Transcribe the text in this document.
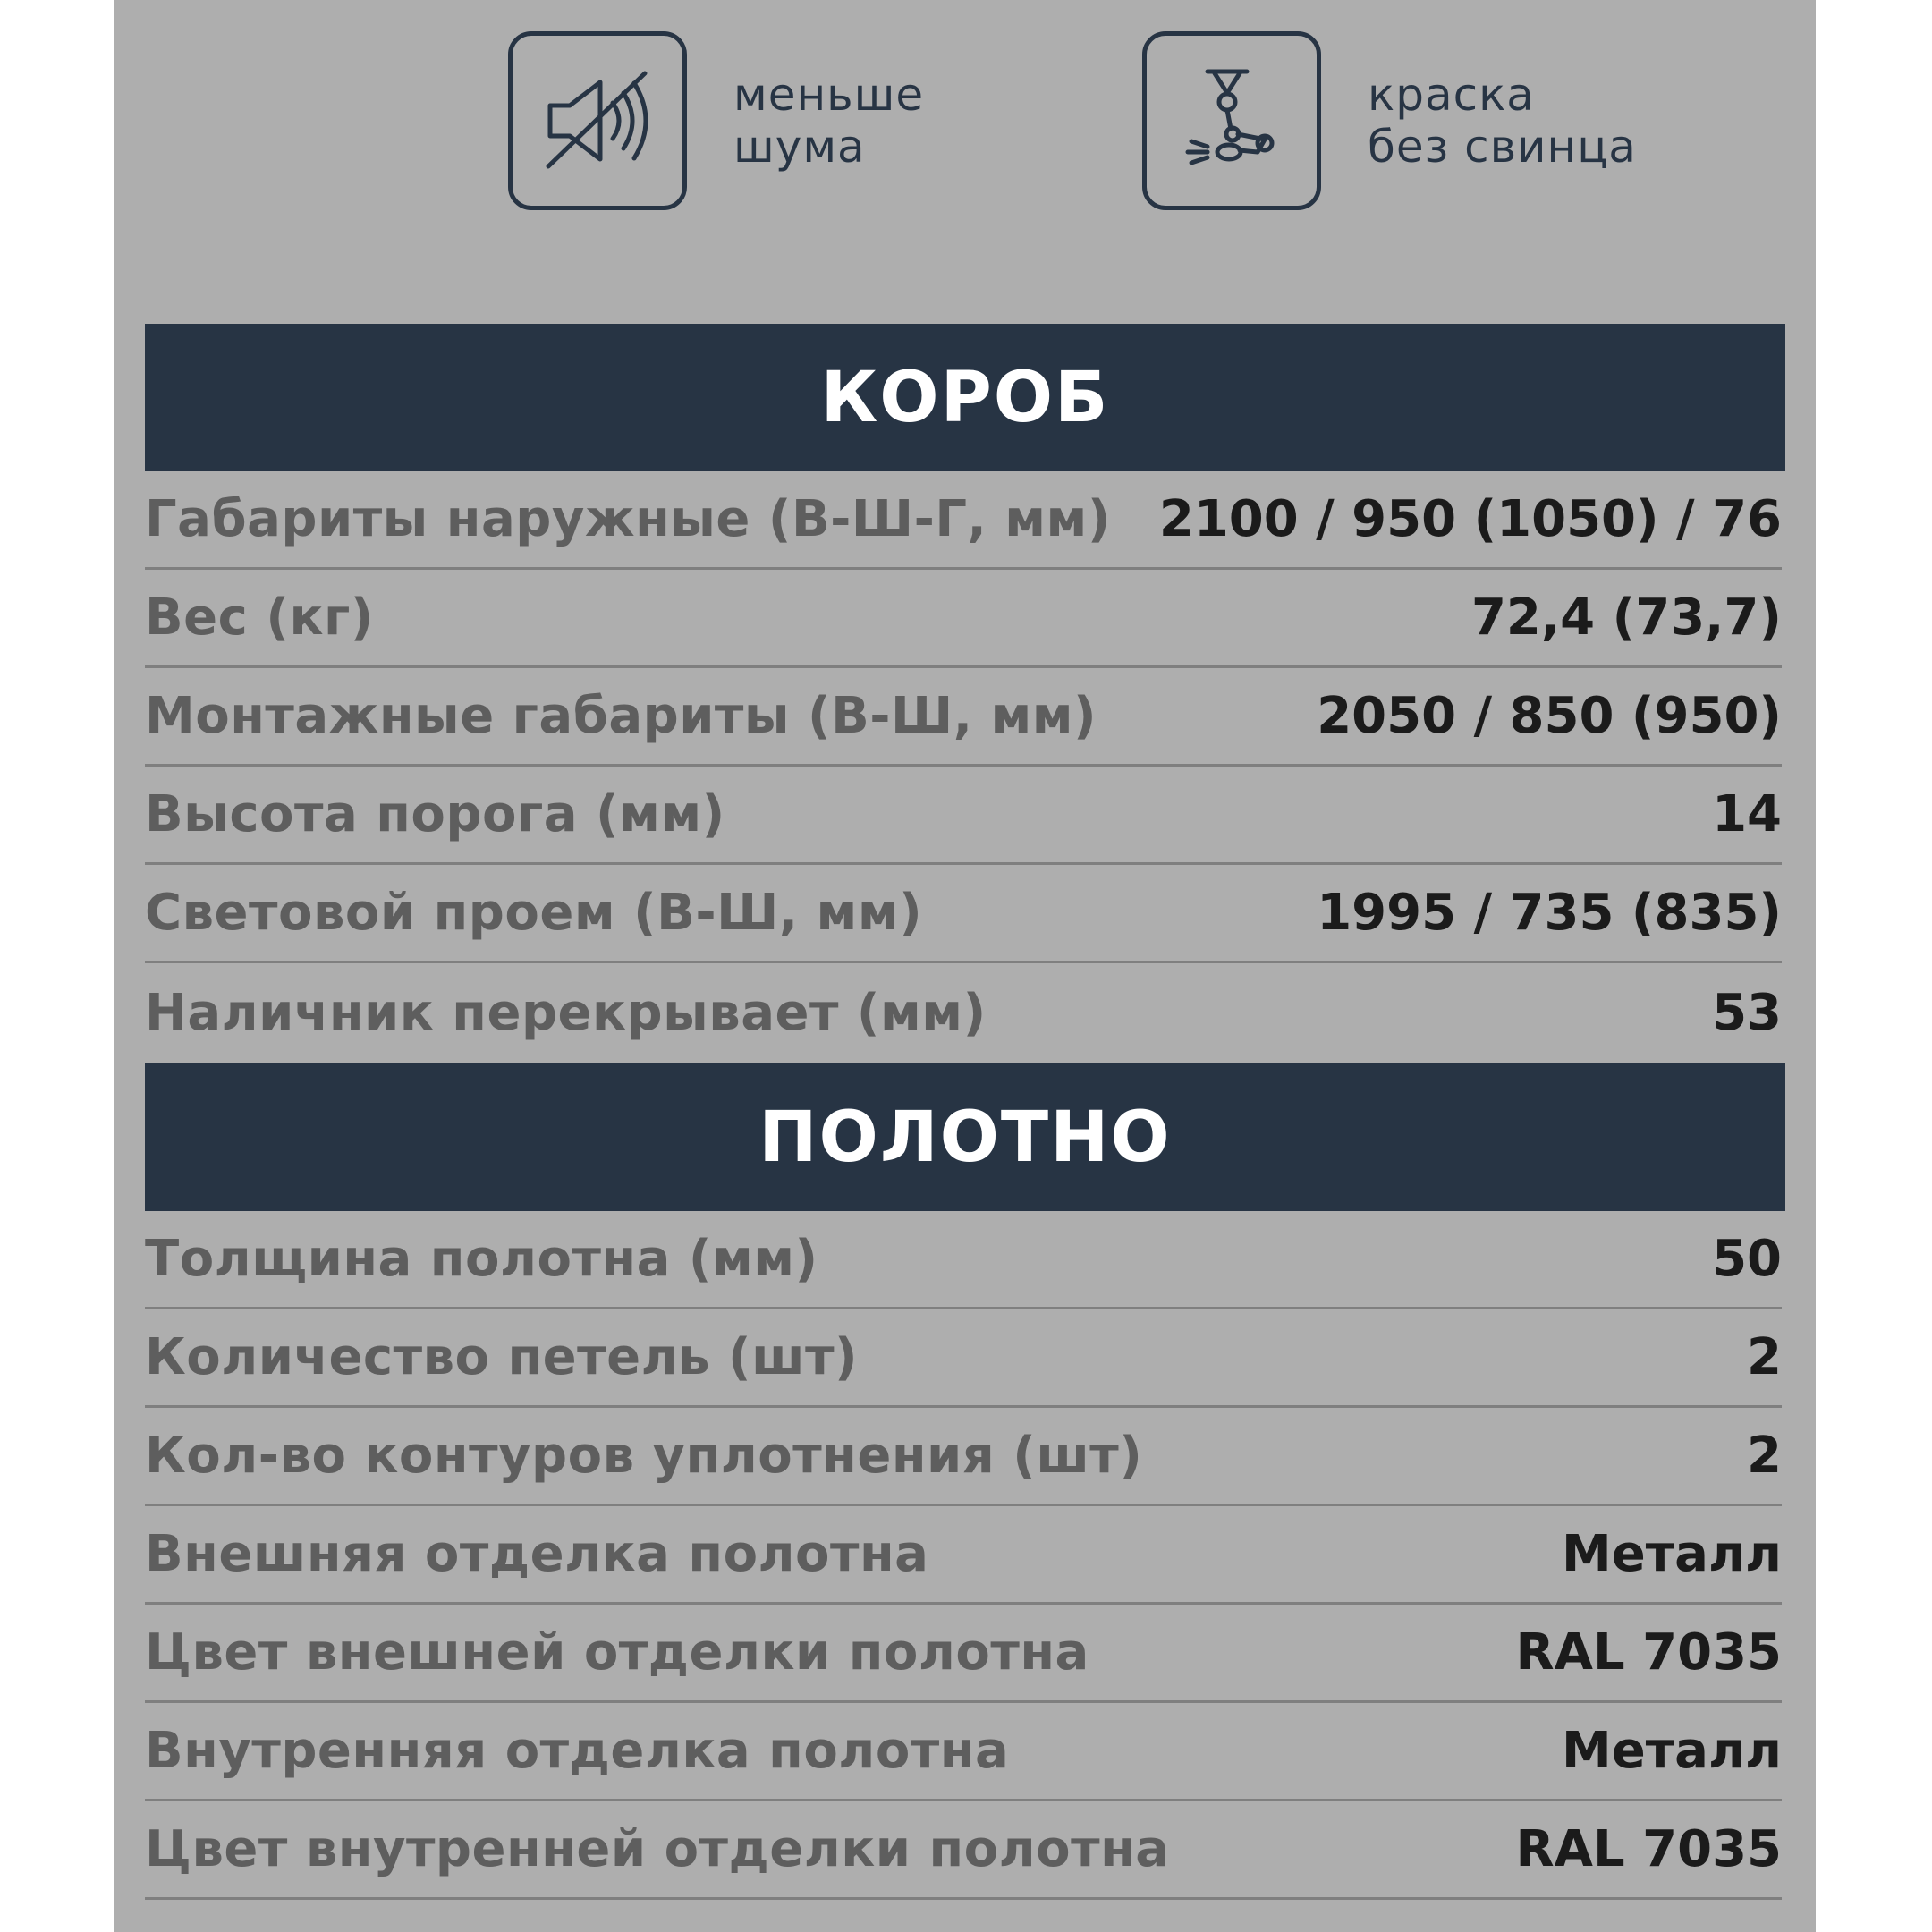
меньше
шума
краска
без свинца
КОРОБ
Габариты наружные (В-Ш-Г, мм) 2100 / 950 (1050) / 76
Вес (кг)	72,4 (73,7)
Монтажные габариты (В-Ш, мм)	2050 / 850 (950)
Высота порога (мм)	14
Световой проем (В-Ш, мм)	1995 / 735 (835)
Наличник перекрывает (мм)	53
ПОЛОТНО
Толщина полотна (мм)	50
Количество петель (шт)	2
Кол-во контуров уплотнения (шт)	2
Внешняя отделка полотна	Металл
Цвет внешней отделки полотна	RAL 7035
Внутренняя отделка полотна	Металл
Цвет внутренней отделки полотна	RAL 7035
